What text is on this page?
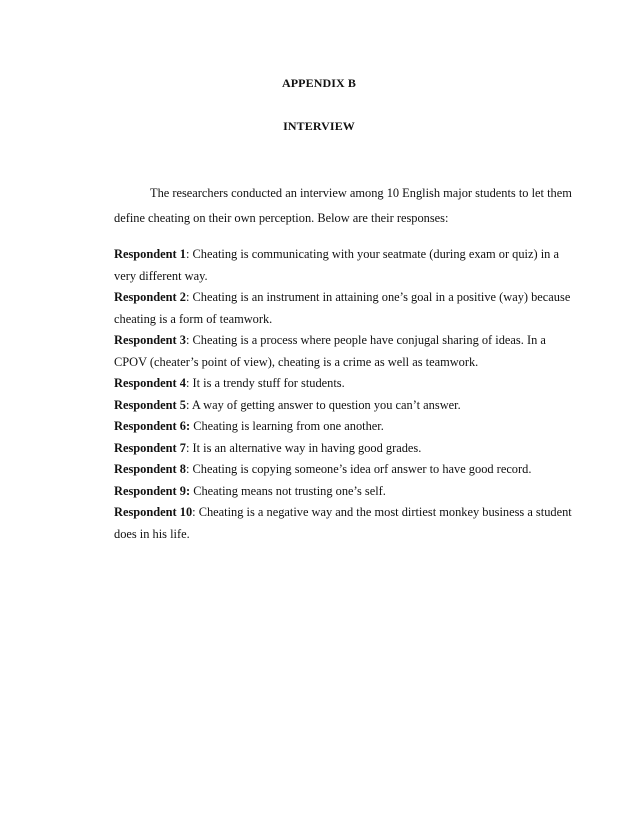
APPENDIX B
INTERVIEW

The researchers conducted an interview among 10 English major students to let them define cheating on their own perception. Below are their responses:

Respondent 1: Cheating is communicating with your seatmate (during exam or quiz) in a very different way.
Respondent 2: Cheating is an instrument in attaining one’s goal in a positive (way) because cheating is a form of teamwork.
Respondent 3: Cheating is a process where people have conjugal sharing of ideas. In a CPOV (cheater’s point of view), cheating is a crime as well as teamwork.
Respondent 4: It is a trendy stuff for students.
Respondent 5: A way of getting answer to question you can’t answer.
Respondent 6: Cheating is learning from one another.
Respondent 7: It is an alternative way in having good grades.
Respondent 8: Cheating is copying someone’s idea orf answer to have good record.
Respondent 9: Cheating means not trusting one’s self.
Respondent 10: Cheating is a negative way and the most dirtiest monkey business a student does in his life.
